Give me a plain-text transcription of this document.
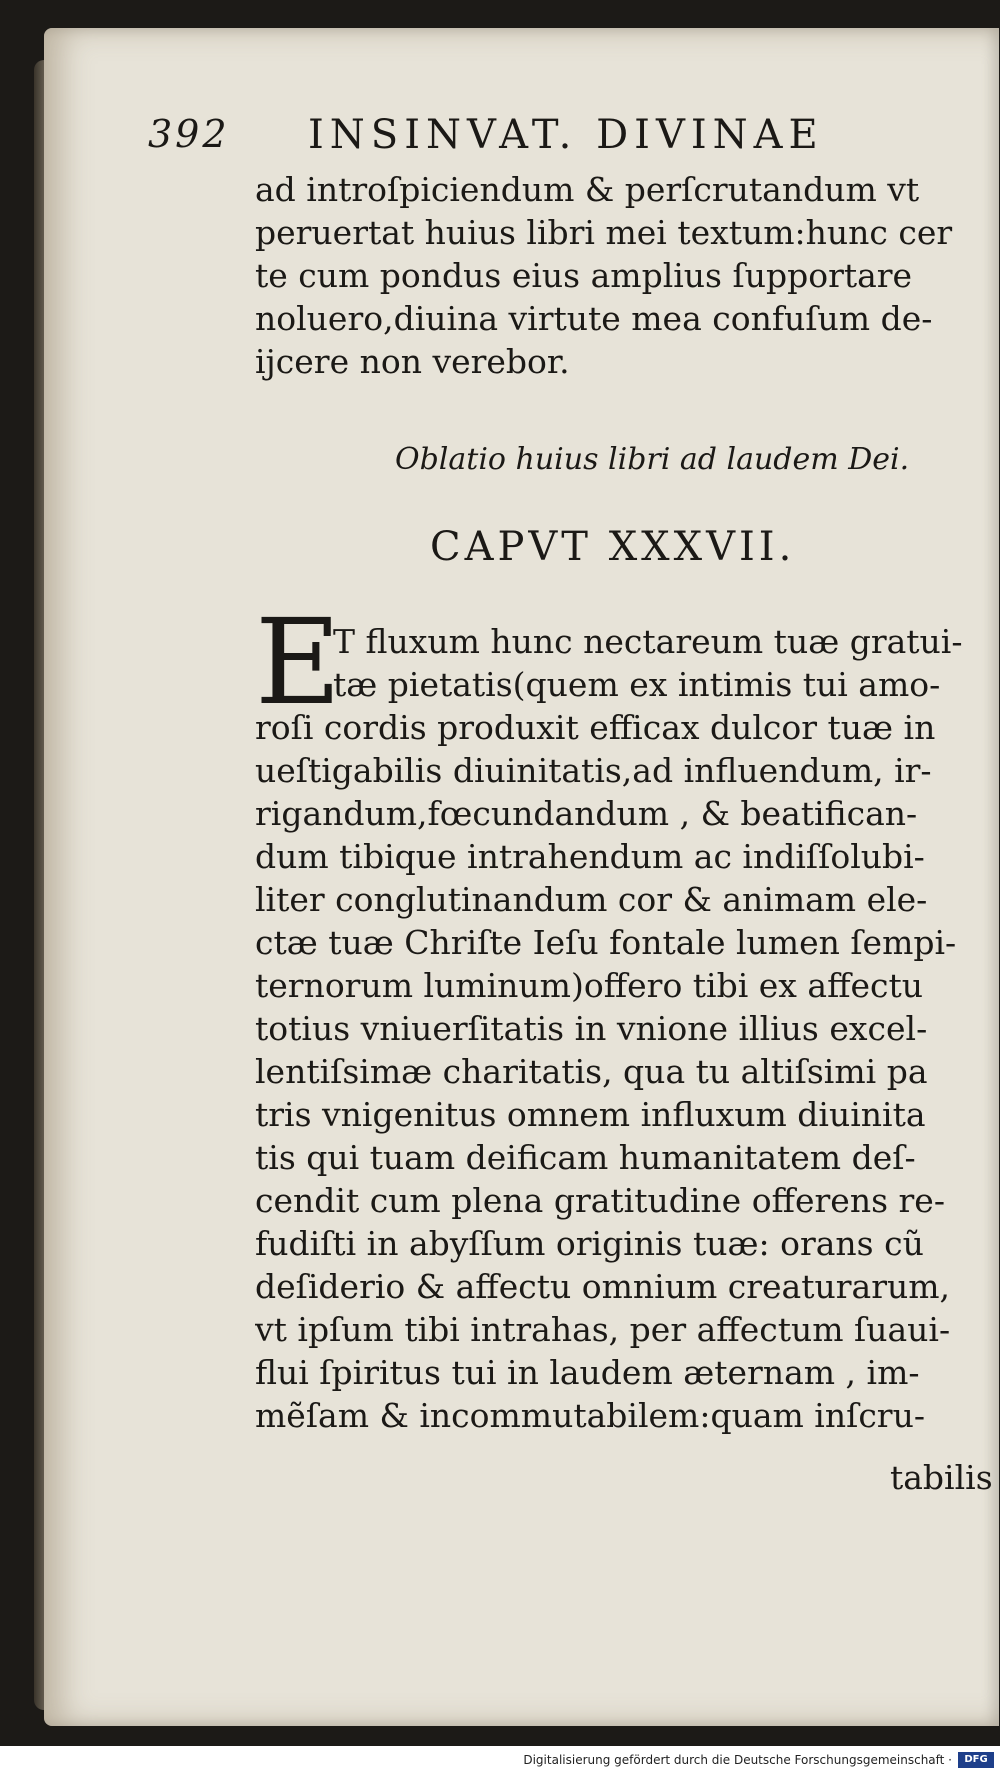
392 INSINVAT. DIVINAE
ad introſpiciendum & perſcrutandum vt
peruertat huius libri mei textum:hunc cer
te cum pondus eius amplius ſupportare
noluero,diuina virtute mea confuſum de-
ijcere non verebor.
Oblatio huius libri ad laudem Dei.
CAPVT XXXVII.
E
T fluxum hunc nectareum tuæ gratui-
tæ pietatis(quem ex intimis tui amo-
roſi cordis produxit efficax dulcor tuæ in
ueſtigabilis diuinitatis,ad influendum, ir-
rigandum,fœcundandum , & beatifican-
dum tibique intrahendum ac indiſſolubi-
liter conglutinandum cor & animam ele-
ctæ tuæ Chriſte Ieſu fontale lumen ſempi-
ternorum luminum)offero tibi ex affectu
totius vniuerſitatis in vnione illius excel-
lentiſsimæ charitatis, qua tu altiſsimi pa
tris vnigenitus omnem influxum diuinita
tis qui tuam deificam humanitatem deſ-
cendit cum plena gratitudine offerens re-
fudiſti in abyſſum originis tuæ: orans cũ
deſiderio & affectu omnium creaturarum,
vt ipſum tibi intrahas, per affectum ſuaui-
flui ſpiritus tui in laudem æternam , im-
mẽſam & incommutabilem:quam inſcru-
tabilis
Digitalisierung gefördert durch die Deutsche Forschungsgemeinschaft ·	DFG
